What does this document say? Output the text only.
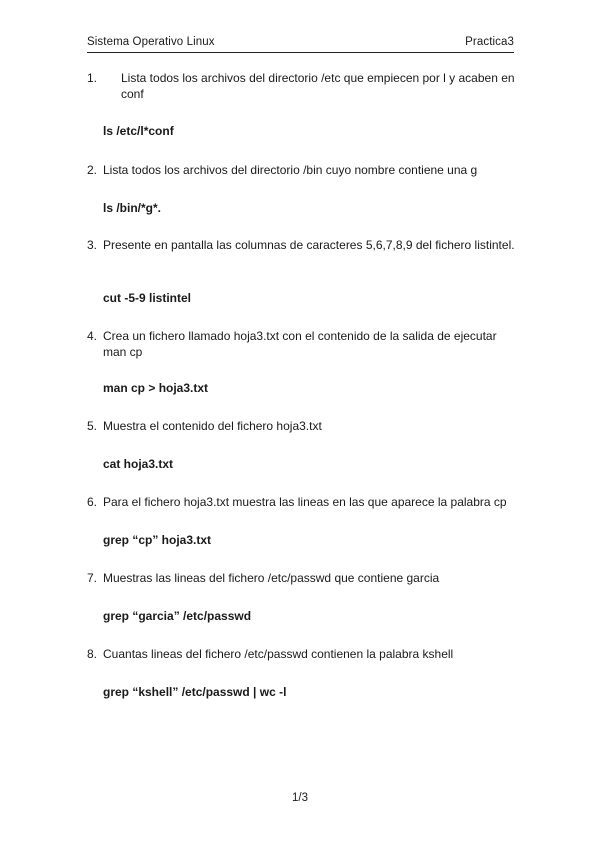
Sistema Operativo Linux	Practica3
1.	Lista todos los archivos del directorio /etc que empiecen por l y acaben en conf
ls /etc/l*conf
2. Lista todos los archivos del directorio /bin cuyo nombre contiene una g
ls /bin/*g*.
3. Presente en pantalla las columnas de caracteres 5,6,7,8,9 del fichero listintel.
cut -5-9 listintel
4. Crea un fichero llamado hoja3.txt con el contenido de la salida de ejecutar man cp
man cp > hoja3.txt
5. Muestra el contenido del fichero hoja3.txt
cat hoja3.txt
6. Para el fichero hoja3.txt muestra las lineas en las que aparece la palabra cp
grep “cp” hoja3.txt
7. Muestras las lineas del fichero /etc/passwd que contiene garcia
grep “garcia” /etc/passwd
8. Cuantas lineas del fichero /etc/passwd contienen la palabra kshell
grep “kshell” /etc/passwd | wc -l
1/3
